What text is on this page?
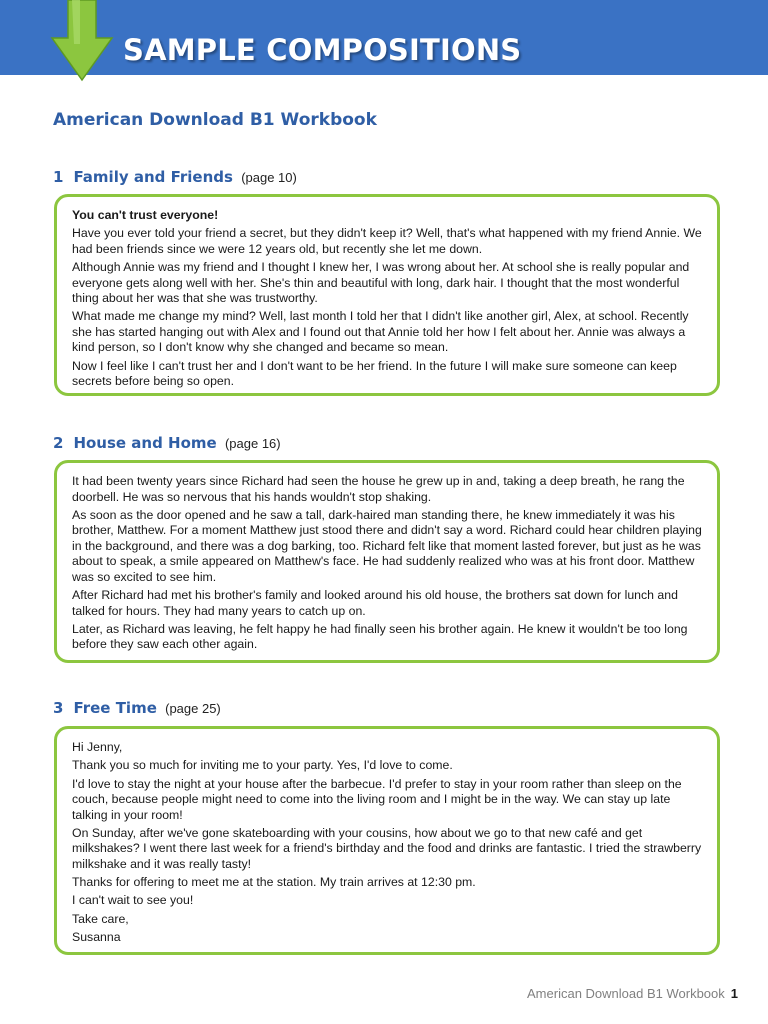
SAMPLE COMPOSITIONS
American Download B1 Workbook
1 Family and Friends (page 10)

You can't trust everyone!

Have you ever told your friend a secret, but they didn't keep it? Well, that's what happened with my friend Annie. We had been friends since we were 12 years old, but recently she let me down.

Although Annie was my friend and I thought I knew her, I was wrong about her. At school she is really popular and everyone gets along well with her. She's thin and beautiful with long, dark hair. I thought that the most wonderful thing about her was that she was trustworthy.

What made me change my mind? Well, last month I told her that I didn't like another girl, Alex, at school. Recently she has started hanging out with Alex and I found out that Annie told her how I felt about her. Annie was always a kind person, so I don't know why she changed and became so mean.

Now I feel like I can't trust her and I don't want to be her friend. In the future I will make sure someone can keep secrets before being so open.

2 House and Home (page 16)

It had been twenty years since Richard had seen the house he grew up in and, taking a deep breath, he rang the doorbell. He was so nervous that his hands wouldn't stop shaking.

As soon as the door opened and he saw a tall, dark-haired man standing there, he knew immediately it was his brother, Matthew. For a moment Matthew just stood there and didn't say a word. Richard could hear children playing in the background, and there was a dog barking, too. Richard felt like that moment lasted forever, but just as he was about to speak, a smile appeared on Matthew's face. He had suddenly realized who was at his front door. Matthew was so excited to see him.

After Richard had met his brother's family and looked around his old house, the brothers sat down for lunch and talked for hours. They had many years to catch up on.

Later, as Richard was leaving, he felt happy he had finally seen his brother again. He knew it wouldn't be too long before they saw each other again.

3 Free Time (page 25)

Hi Jenny,

Thank you so much for inviting me to your party. Yes, I'd love to come.

I'd love to stay the night at your house after the barbecue. I'd prefer to stay in your room rather than sleep on the couch, because people might need to come into the living room and I might be in the way. We can stay up late talking in your room!

On Sunday, after we've gone skateboarding with your cousins, how about we go to that new café and get milkshakes? I went there last week for a friend's birthday and the food and drinks are fantastic. I tried the strawberry milkshake and it was really tasty!

Thanks for offering to meet me at the station. My train arrives at 12:30 pm.

I can't wait to see you!

Take care,

Susanna

American Download B1 Workbook 1
